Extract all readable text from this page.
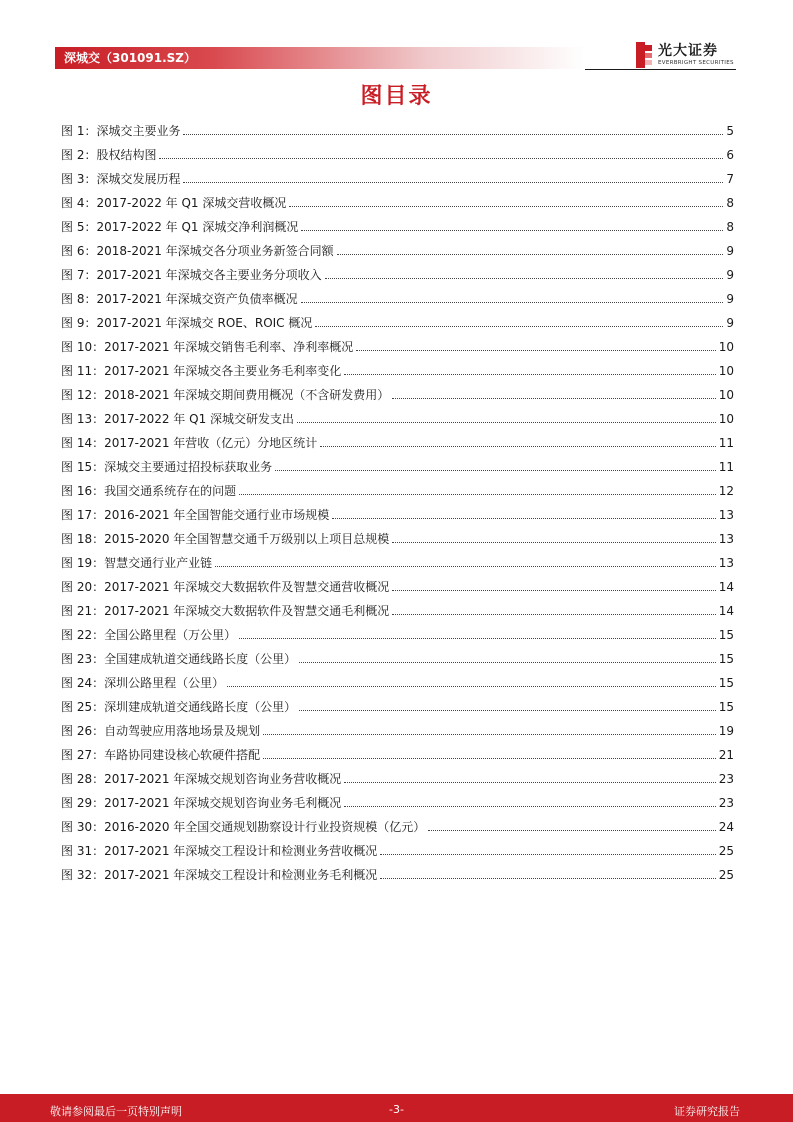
深城交（301091.SZ）	光大证券
EVERBRIGHT SECURITIES
图目录
图 1：深城交主要业务	5
图 2：股权结构图	6
图 3：深城交发展历程	7
图 4：2017-2022 年 Q1 深城交营收概况	8
图 5：2017-2022 年 Q1 深城交净利润概况	8
图 6：2018-2021 年深城交各分项业务新签合同额	9
图 7：2017-2021 年深城交各主要业务分项收入	9
图 8：2017-2021 年深城交资产负债率概况	9
图 9：2017-2021 年深城交 ROE、ROIC 概况	9
图 10：2017-2021 年深城交销售毛利率、净利率概况	10
图 11：2017-2021 年深城交各主要业务毛利率变化	10
图 12：2018-2021 年深城交期间费用概况（不含研发费用）	10
图 13：2017-2022 年 Q1 深城交研发支出	10
图 14：2017-2021 年营收（亿元）分地区统计	11
图 15：深城交主要通过招投标获取业务	11
图 16：我国交通系统存在的问题	12
图 17：2016-2021 年全国智能交通行业市场规模	13
图 18：2015-2020 年全国智慧交通千万级别以上项目总规模	13
图 19：智慧交通行业产业链	13
图 20：2017-2021 年深城交大数据软件及智慧交通营收概况	14
图 21：2017-2021 年深城交大数据软件及智慧交通毛利概况	14
图 22：全国公路里程（万公里）	15
图 23：全国建成轨道交通线路长度（公里）	15
图 24：深圳公路里程（公里）	15
图 25：深圳建成轨道交通线路长度（公里）	15
图 26：自动驾驶应用落地场景及规划	19
图 27：车路协同建设核心软硬件搭配	21
图 28：2017-2021 年深城交规划咨询业务营收概况	23
图 29：2017-2021 年深城交规划咨询业务毛利概况	23
图 30：2016-2020 年全国交通规划勘察设计行业投资规模（亿元）	24
图 31：2017-2021 年深城交工程设计和检测业务营收概况	25
图 32：2017-2021 年深城交工程设计和检测业务毛利概况	25
敬请参阅最后一页特别声明	-3-	证券研究报告
